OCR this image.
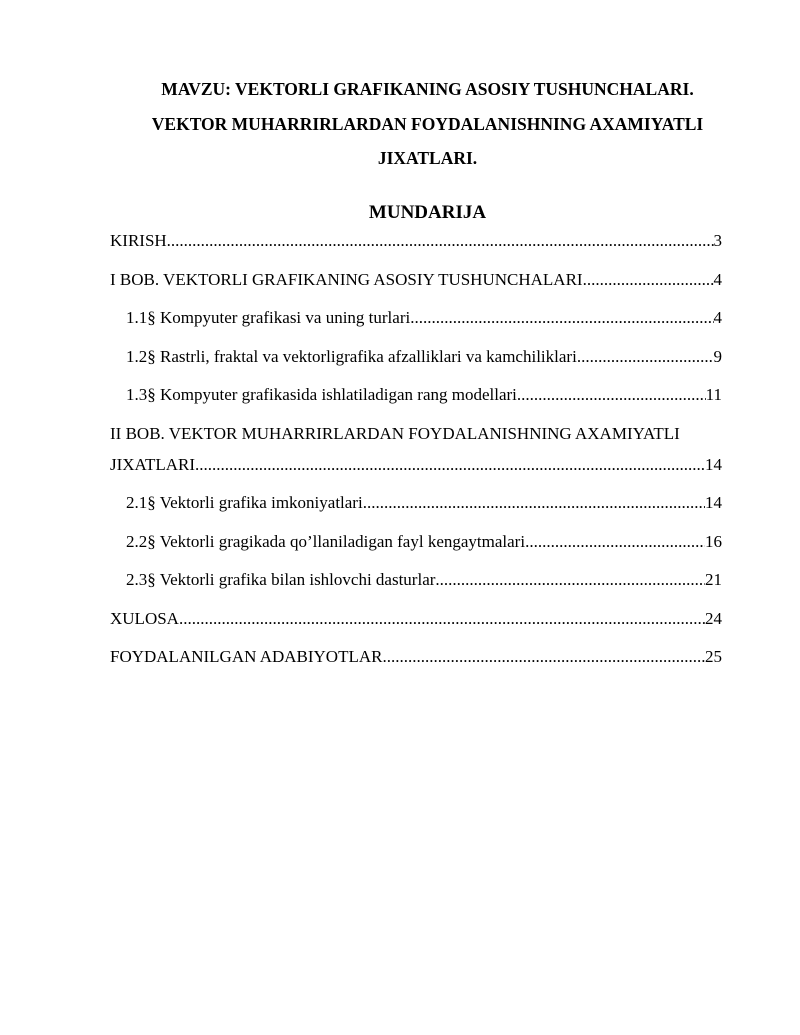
MAVZU: VEKTORLI GRAFIKANING ASOSIY TUSHUNCHALARI.
VEKTOR MUHARRIRLARDAN FOYDALANISHNING AXAMIYATLI
JIXATLARI.
MUNDARIJA
KIRISH .....	3
I BOB. VEKTORLI GRAFIKANING ASOSIY TUSHUNCHALARI .....	4
1.1§ Kompyuter grafikasi va uning turlari .....	4
1.2§ Rastrli, fraktal va vektorligrafika afzalliklari va kamchiliklari .....	9
1.3§ Kompyuter grafikasida ishlatiladigan rang modellari .....	11
II BOB. VEKTOR MUHARRIRLARDAN FOYDALANISHNING AXAMIYATLI
JIXATLARI .....	14
2.1§ Vektorli grafika imkoniyatlari .....	14
2.2§ Vektorli gragikada qo’llaniladigan fayl kengaytmalari .....	16
2.3§ Vektorli grafika bilan ishlovchi dasturlar .....	21
XULOSA .....	24
FOYDALANILGAN ADABIYOTLAR .....	25
